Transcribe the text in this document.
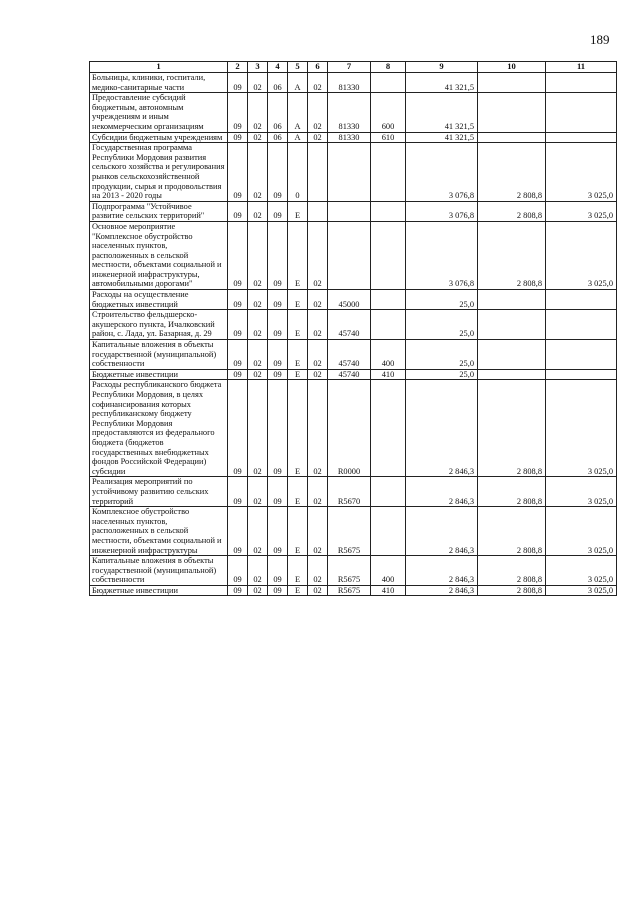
189
1	2	3	4	5	6	7	8	9	10	11
Больницы, клиники, госпитали, медико-санитарные части	09	02	06	А	02	81330		41 321,5		
Предоставление субсидий бюджетным, автономным учреждениям и иным некоммерческим организациям	09	02	06	А	02	81330	600	41 321,5		
Субсидии бюджетным учреждениям	09	02	06	А	02	81330	610	41 321,5		
Государственная программа Республики Мордовия развития сельского хозяйства и регулирования рынков сельскохозяйственной продукции, сырья и продовольствия на 2013 - 2020 годы	09	02	09	0				3 076,8	2 808,8	3 025,0
Подпрограмма "Устойчивое развитие сельских территорий"	09	02	09	Е				3 076,8	2 808,8	3 025,0
Основное мероприятие "Комплексное обустройство населенных пунктов, расположенных в сельской местности, объектами социальной и инженерной инфраструктуры, автомобильными дорогами"	09	02	09	Е	02			3 076,8	2 808,8	3 025,0
Расходы на осуществление бюджетных инвестиций	09	02	09	Е	02	45000		25,0		
Строительство фельдшерско-акушерского пункта, Ичалковский район, с. Лада, ул. Базарная, д. 29	09	02	09	Е	02	45740		25,0		
Капитальные вложения в объекты государственной (муниципальной) собственности	09	02	09	Е	02	45740	400	25,0		
Бюджетные инвестиции	09	02	09	Е	02	45740	410	25,0		
Расходы республиканского бюджета Республики Мордовия, в целях софинансирования которых республиканскому бюджету Республики Мордовия предоставляются из федерального бюджета (бюджетов государственных внебюджетных фондов Российской Федерации) субсидии	09	02	09	Е	02	R0000		2 846,3	2 808,8	3 025,0
Реализация мероприятий по устойчивому развитию сельских территорий	09	02	09	Е	02	R5670		2 846,3	2 808,8	3 025,0
Комплексное обустройство населенных пунктов, расположенных в сельской местности, объектами социальной и инженерной инфраструктуры	09	02	09	Е	02	R5675		2 846,3	2 808,8	3 025,0
Капитальные вложения в объекты государственной (муниципальной) собственности	09	02	09	Е	02	R5675	400	2 846,3	2 808,8	3 025,0
Бюджетные инвестиции	09	02	09	Е	02	R5675	410	2 846,3	2 808,8	3 025,0
